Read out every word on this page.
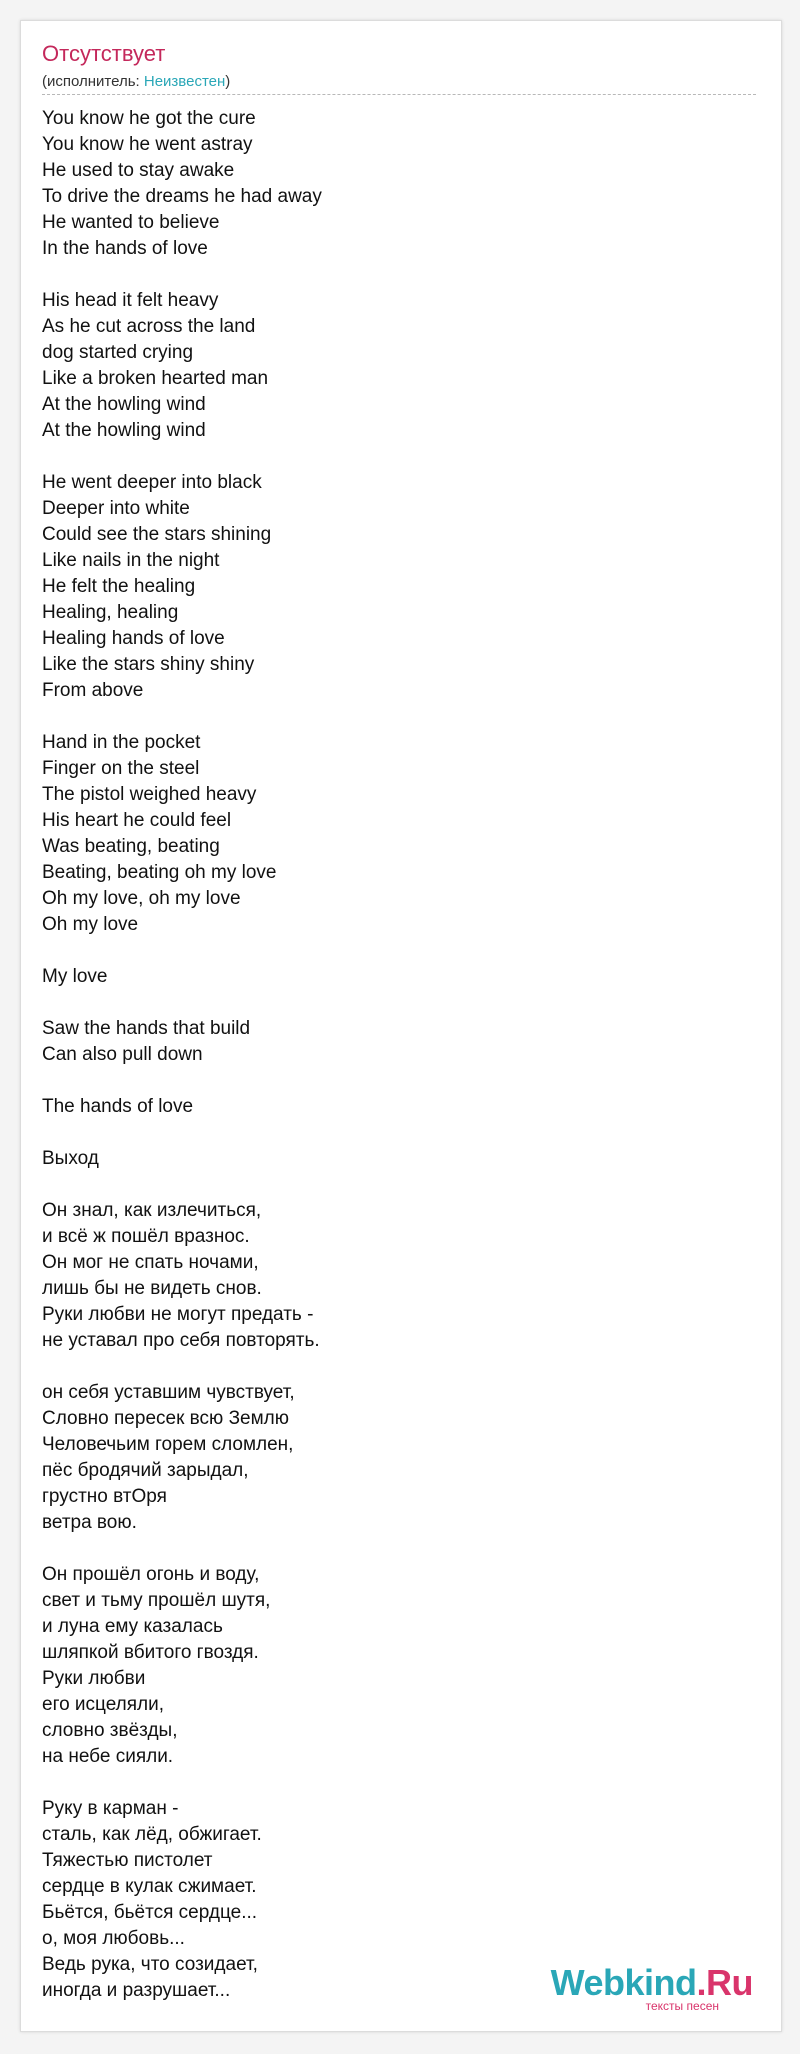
Отсутствует
(исполнитель: Неизвестен)
You know he got the cure
You know he went astray
He used to stay awake
To drive the dreams he had away
He wanted to believe
In the hands of love
His head it felt heavy
As he cut across the land
dog started crying
Like a broken hearted man
At the howling wind
At the howling wind
He went deeper into black
Deeper into white
Could see the stars shining
Like nails in the night
He felt the healing
Healing, healing
Healing hands of love
Like the stars shiny shiny
From above
Hand in the pocket
Finger on the steel
The pistol weighed heavy
His heart he could feel
Was beating, beating
Beating, beating oh my love
Oh my love, oh my love
Oh my love
My love
Saw the hands that build
Can also pull down
The hands of love
Выход
Он знал, как излечиться,
и всё ж пошёл вразнос.
Он мог не спать ночами,
лишь бы не видеть снов.
Руки любви не могут предать -
не уставал про себя повторять.
он себя уставшим чувствует,
Словно пересек всю Землю
Человечьим горем сломлен,
пёс бродячий зарыдал,
грустно втОря
ветра вою.
Он прошёл огонь и воду,
свет и тьму прошёл шутя,
и луна ему казалась
шляпкой вбитого гвоздя.
Руки любви
его исцеляли,
словно звёзды,
на небе сияли.
Руку в карман -
сталь, как лёд, обжигает.
Тяжестью пистолет
сердце в кулак сжимает.
Бьётся, бьётся сердце...
о, моя любовь...
Ведь рука, что созидает,
иногда и разрушает...	Webkind.Ru
тексты песен
